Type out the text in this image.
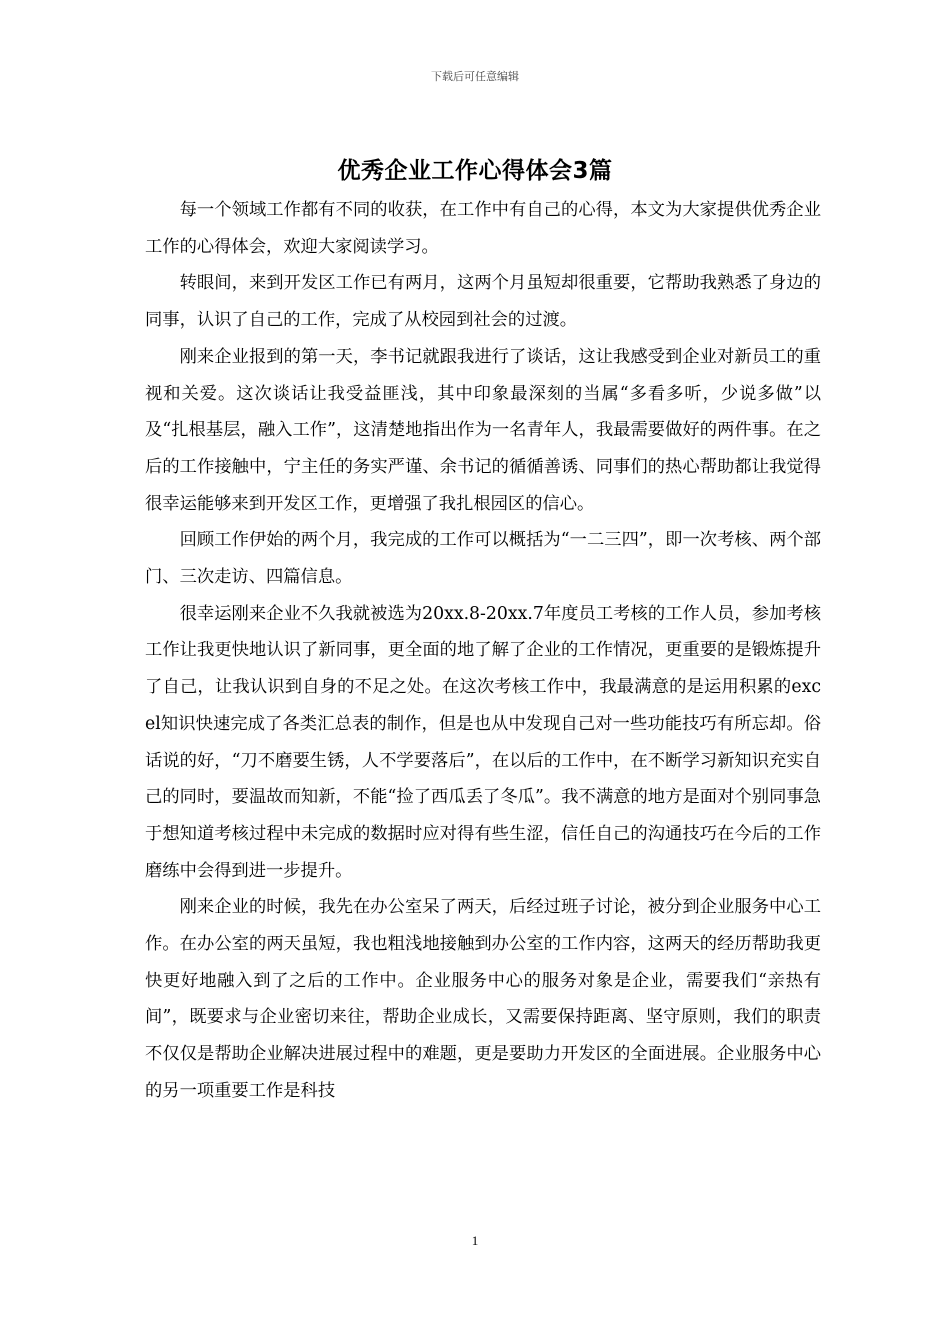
下载后可任意编辑
优秀企业工作心得体会3篇

每一个领域工作都有不同的收获，在工作中有自己的心得，本文为大家提供优秀企业工作的心得体会，欢迎大家阅读学习。

转眼间，来到开发区工作已有两月，这两个月虽短却很重要，它帮助我熟悉了身边的同事，认识了自己的工作，完成了从校园到社会的过渡。

刚来企业报到的第一天，李书记就跟我进行了谈话，这让我感受到企业对新员工的重视和关爱。这次谈话让我受益匪浅，其中印象最深刻的当属“多看多听，少说多做”以及“扎根基层，融入工作”，这清楚地指出作为一名青年人，我最需要做好的两件事。在之后的工作接触中，宁主任的务实严谨、余书记的循循善诱、同事们的热心帮助都让我觉得很幸运能够来到开发区工作，更增强了我扎根园区的信心。

回顾工作伊始的两个月，我完成的工作可以概括为“一二三四”，即一次考核、两个部门、三次走访、四篇信息。

很幸运刚来企业不久我就被选为20xx.8-20xx.7年度员工考核的工作人员，参加考核工作让我更快地认识了新同事，更全面的地了解了企业的工作情况，更重要的是锻炼提升了自己，让我认识到自身的不足之处。在这次考核工作中，我最满意的是运用积累的excel知识快速完成了各类汇总表的制作，但是也从中发现自己对一些功能技巧有所忘却。俗话说的好，“刀不磨要生锈，人不学要落后”，在以后的工作中，在不断学习新知识充实自己的同时，要温故而知新，不能“捡了西瓜丢了冬瓜”。我不满意的地方是面对个别同事急于想知道考核过程中未完成的数据时应对得有些生涩，信任自己的沟通技巧在今后的工作磨练中会得到进一步提升。

刚来企业的时候，我先在办公室呆了两天，后经过班子讨论，被分到企业服务中心工作。在办公室的两天虽短，我也粗浅地接触到办公室的工作内容，这两天的经历帮助我更快更好地融入到了之后的工作中。企业服务中心的服务对象是企业，需要我们“亲热有间”，既要求与企业密切来往，帮助企业成长，又需要保持距离、坚守原则，我们的职责不仅仅是帮助企业解决进展过程中的难题，更是要助力开发区的全面进展。企业服务中心的另一项重要工作是科技

1
